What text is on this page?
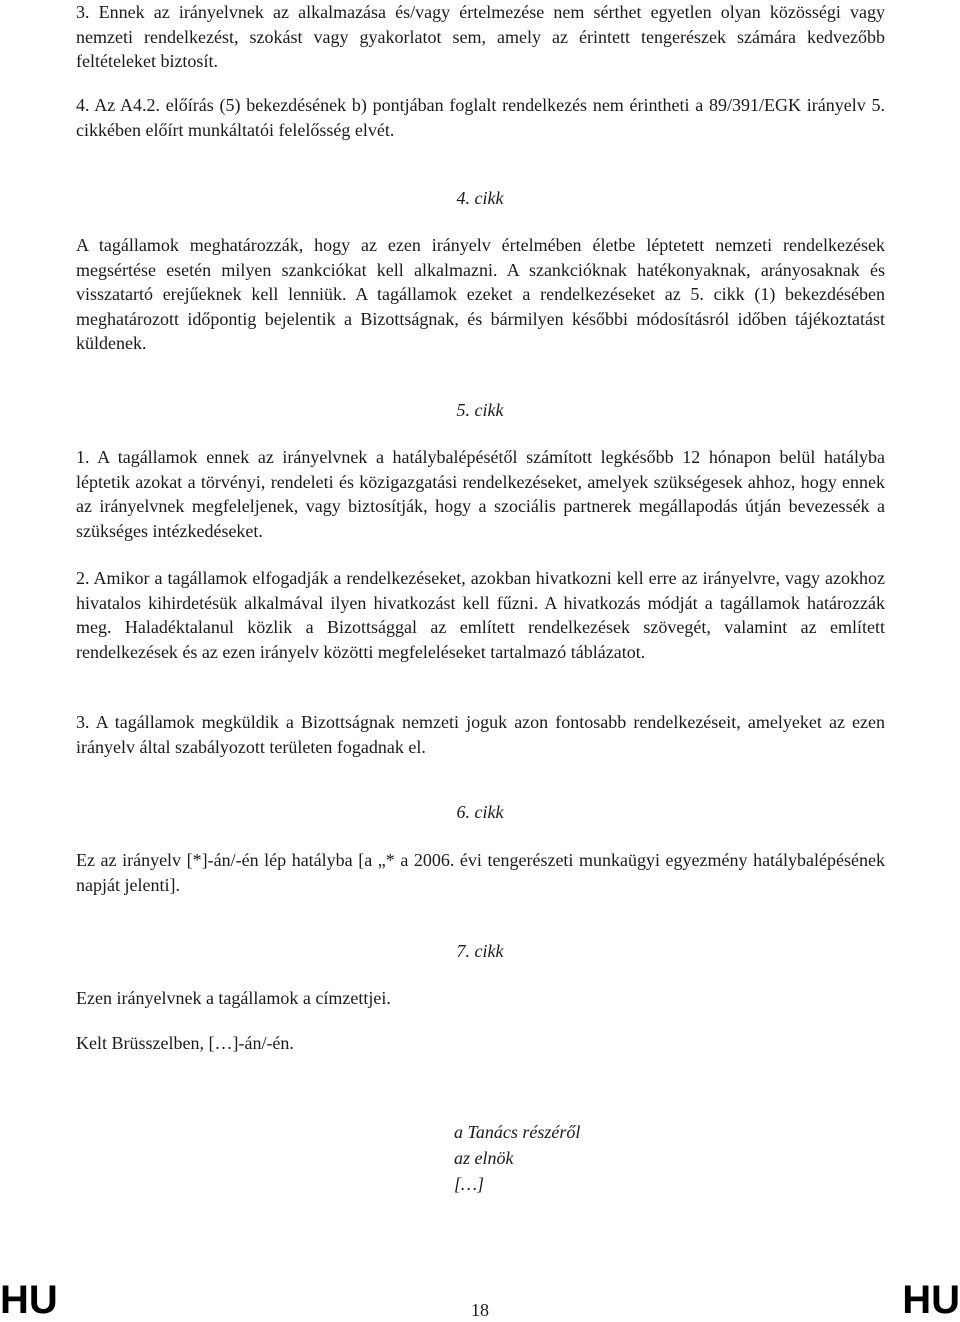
3. Ennek az irányelvnek az alkalmazása és/vagy értelmezése nem sérthet egyetlen olyan közösségi vagy nemzeti rendelkezést, szokást vagy gyakorlatot sem, amely az érintett tengerészek számára kedvezőbb feltételeket biztosít.

4. Az A4.2. előírás (5) bekezdésének b) pontjában foglalt rendelkezés nem érintheti a 89/391/EGK irányelv 5. cikkében előírt munkáltatói felelősség elvét.

4. cikk

A tagállamok meghatározzák, hogy az ezen irányelv értelmében életbe léptetett nemzeti rendelkezések megsértése esetén milyen szankciókat kell alkalmazni. A szankcióknak hatékonyaknak, arányosaknak és visszatartó erejűeknek kell lenniük. A tagállamok ezeket a rendelkezéseket az 5. cikk (1) bekezdésében meghatározott időpontig bejelentik a Bizottságnak, és bármilyen későbbi módosításról időben tájékoztatást küldenek.

5. cikk

1. A tagállamok ennek az irányelvnek a hatálybalépésétől számított legkésőbb 12 hónapon belül hatályba léptetik azokat a törvényi, rendeleti és közigazgatási rendelkezéseket, amelyek szükségesek ahhoz, hogy ennek az irányelvnek megfeleljenek, vagy biztosítják, hogy a szociális partnerek megállapodás útján bevezessék a szükséges intézkedéseket.

2. Amikor a tagállamok elfogadják a rendelkezéseket, azokban hivatkozni kell erre az irányelvre, vagy azokhoz hivatalos kihirdetésük alkalmával ilyen hivatkozást kell fűzni. A hivatkozás módját a tagállamok határozzák meg. Haladéktalanul közlik a Bizottsággal az említett rendelkezések szövegét, valamint az említett rendelkezések és az ezen irányelv közötti megfeleléseket tartalmazó táblázatot.

3. A tagállamok megküldik a Bizottságnak nemzeti joguk azon fontosabb rendelkezéseit, amelyeket az ezen irányelv által szabályozott területen fogadnak el.

6. cikk

Ez az irányelv [*]-án/-én lép hatályba [a „* a 2006. évi tengerészeti munkaügyi egyezmény hatálybalépésének napját jelenti].

7. cikk

Ezen irányelvnek a tagállamok a címzettjei.

Kelt Brüsszelben, […]-án/-én.

a Tanács részéről
az elnök
[…]
HU	18	HU
